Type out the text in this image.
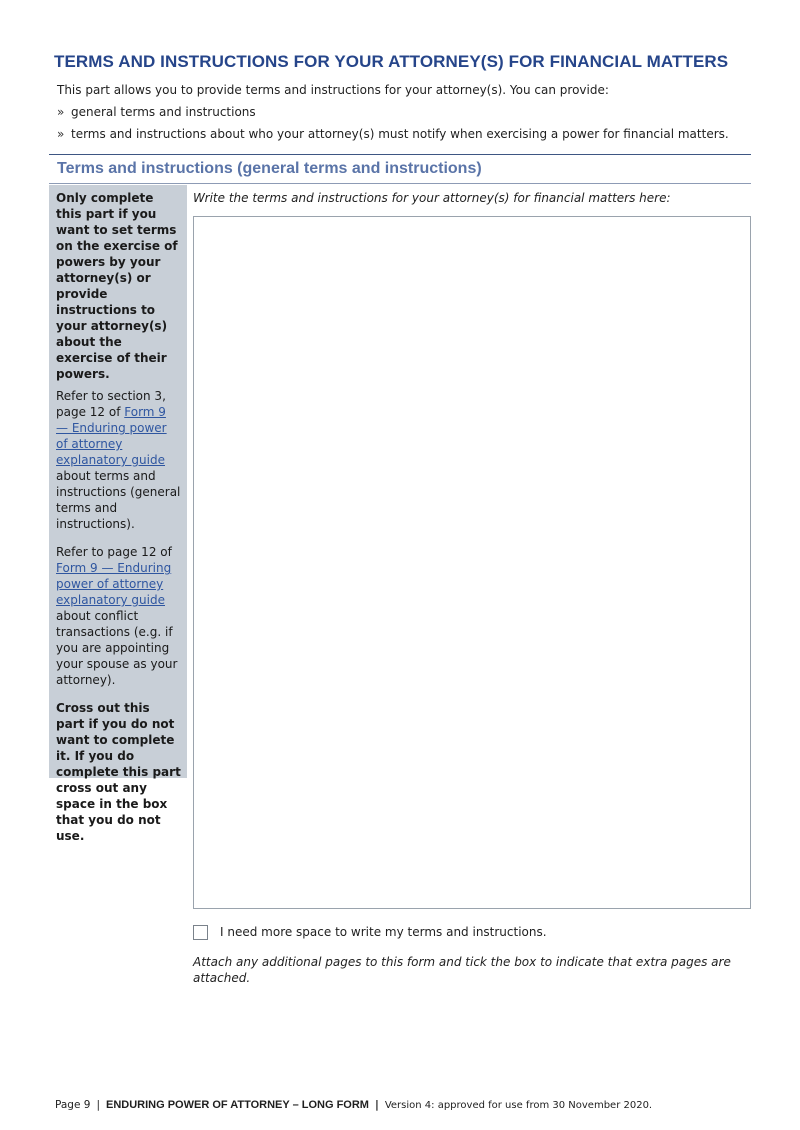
TERMS AND INSTRUCTIONS FOR YOUR ATTORNEY(S) FOR FINANCIAL MATTERS
This part allows you to provide terms and instructions for your attorney(s). You can provide:
» general terms and instructions
» terms and instructions about who your attorney(s) must notify when exercising a power for financial matters.
Terms and instructions (general terms and instructions)

Only complete this part if you want to set terms on the exercise of powers by your attorney(s) or provide instructions to your attorney(s) about the exercise of their powers.

Refer to section 3, page 12 of Form 9 — Enduring power of attorney explanatory guide about terms and instructions (general terms and instructions).

Refer to page 12 of Form 9 — Enduring power of attorney explanatory guide about conflict transactions (e.g. if you are appointing your spouse as your attorney).

Cross out this part if you do not want to complete it. If you do complete this part cross out any space in the box that you do not use.

Write the terms and instructions for your attorney(s) for financial matters here:
I need more space to write my terms and instructions.
Attach any additional pages to this form and tick the box to indicate that extra pages are attached.
Page 9 | ENDURING POWER OF ATTORNEY – LONG FORM | Version 4: approved for use from 30 November 2020.
